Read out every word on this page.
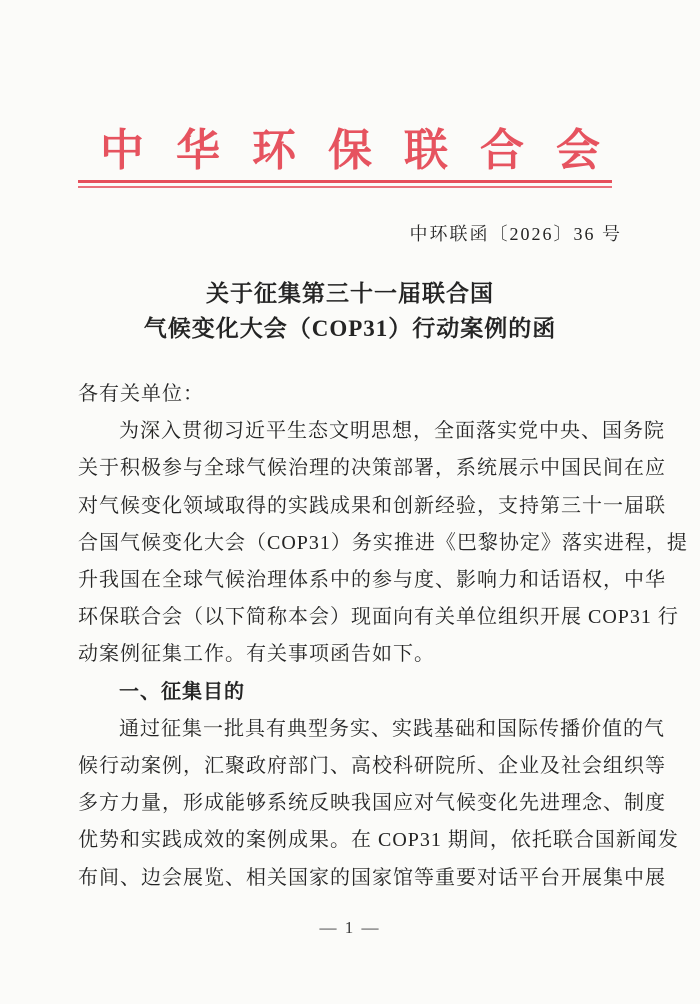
中华环保联合会
中环联函〔2026〕36 号
关于征集第三十一届联合国
气候变化大会（COP31）行动案例的函
各有关单位：
为深入贯彻习近平生态文明思想，全面落实党中央、国务院
关于积极参与全球气候治理的决策部署，系统展示中国民间在应
对气候变化领域取得的实践成果和创新经验，支持第三十一届联
合国气候变化大会（COP31）务实推进《巴黎协定》落实进程，提
升我国在全球气候治理体系中的参与度、影响力和话语权，中华
环保联合会（以下简称本会）现面向有关单位组织开展 COP31 行
动案例征集工作。有关事项函告如下。
一、征集目的
通过征集一批具有典型务实、实践基础和国际传播价值的气
候行动案例，汇聚政府部门、高校科研院所、企业及社会组织等
多方力量，形成能够系统反映我国应对气候变化先进理念、制度
优势和实践成效的案例成果。在 COP31 期间，依托联合国新闻发
布间、边会展览、相关国家的国家馆等重要对话平台开展集中展
— 1 —
